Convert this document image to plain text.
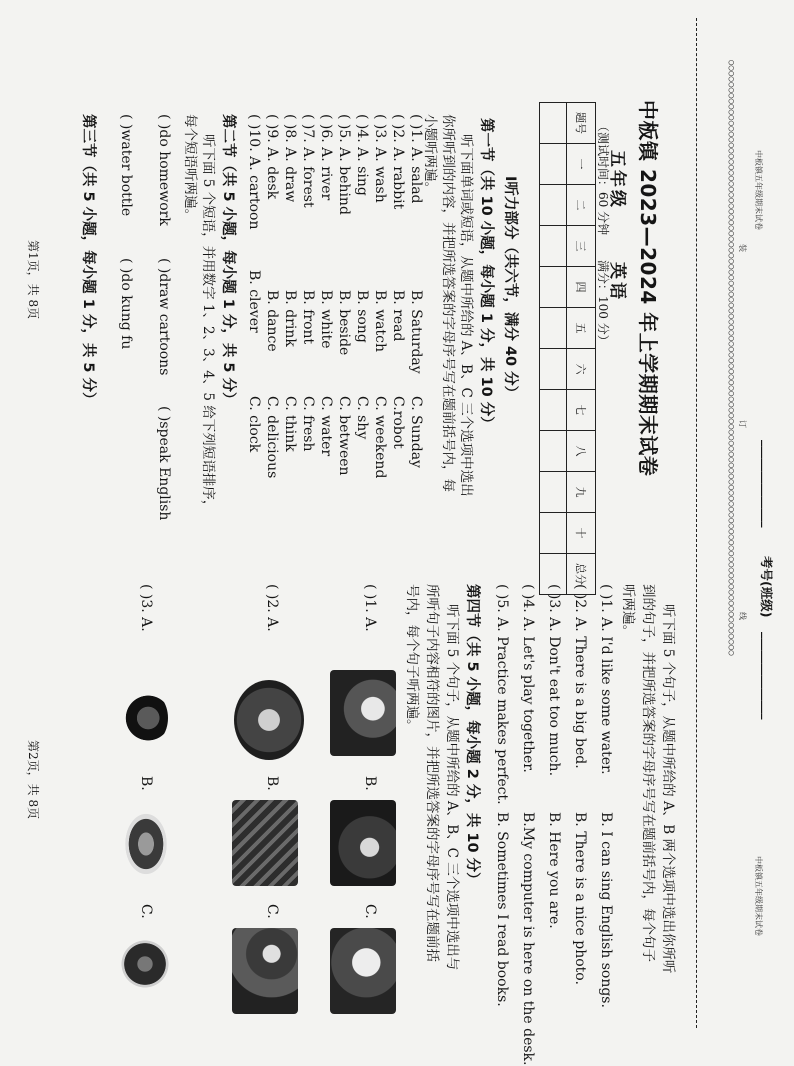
______________
考号(班级)
______________
○○○○○○○○○○○○○○○○○○○○○○○○○○○○○○○○○○○○○○○○○○○○○○○○○○○○○○○○○○○○○○○○○○○○○○○○○○○○○○○○○○○○○○○○○○○○○○○○○○○○○○○○○○○○ 装
订
线
中板镇五年级期末试卷
中板镇五年级期末试卷
中板镇 2023—2024 年上学期期末试卷
五年级
英语
（测试时间：60 分钟
满分：100 分）
题号	一	二	三	四	五	六	七	八	九	十	总分

Ⅰ听力部分（共六节，满分 40 分）
第一节（共 10 小题，每小题 1 分，共 10 分）
听下面单词或短语，从题中所给的 A、B、C 三个选项中选出
你所听到的内容，并把所选答案的字母序号写在题前括号内，每
小题听两遍。
( )1. A. salad
B. Saturday
C. Sunday
( )2. A. rabbit
B. read
C.robot
( )3. A. wash
B. watch
C. weekend
( )4. A. sing
B. song
C. shy
( )5. A. behind
B. beside
C. between
( )6. A. river
B. white
C. water
( )7. A. forest
B. front
C. fresh
( )8. A. draw
B. drink
C. think
( )9. A. desk
B. dance
C. delicious
( )10. A. cartoon
B. clever
C. clock
第二节（共 5 小题，每小题 1 分，共 5 分）
听下面 5 个短语，并用数字 1、2、3、4、5 给下列短语排序，
每个短语听两遍。
( )do homework
( )draw cartoons
( )speak English
( )water bottle
( )do kung fu
第三节（共 5 小题，每小题 1 分，共 5 分）
第1页，共 8页
听下面 5 个句子，从题中所给的 A、B 两个选项中选出你所听
到的句子，并把所选答案的字母序号写在题前括号内，每个句子
听两遍。
( )1. A. I'd like some water.
B. I can sing English songs.
( )2. A. There is a big bed.
B. There is a nice photo.
( )3. A. Don't eat too much.
B. Here you are.
( )4. A. Let's play together.
B.My computer is here on the desk.
( )5. A. Practice makes perfect.
B. Sometimes I read books.
第四节（共 5 小题，每小题 2 分，共 10 分）
听下面 5 个句子，从题中所给的 A、B、C 三个选项中选出与
所听句子内容相符的图片，并把所选答案的字母序号写在题前括
号内，每个句子听两遍。
( )1. A.
B.
C.
( )2. A.
B.
C.
( )3. A.
B.
C.
第2页，共 8页
